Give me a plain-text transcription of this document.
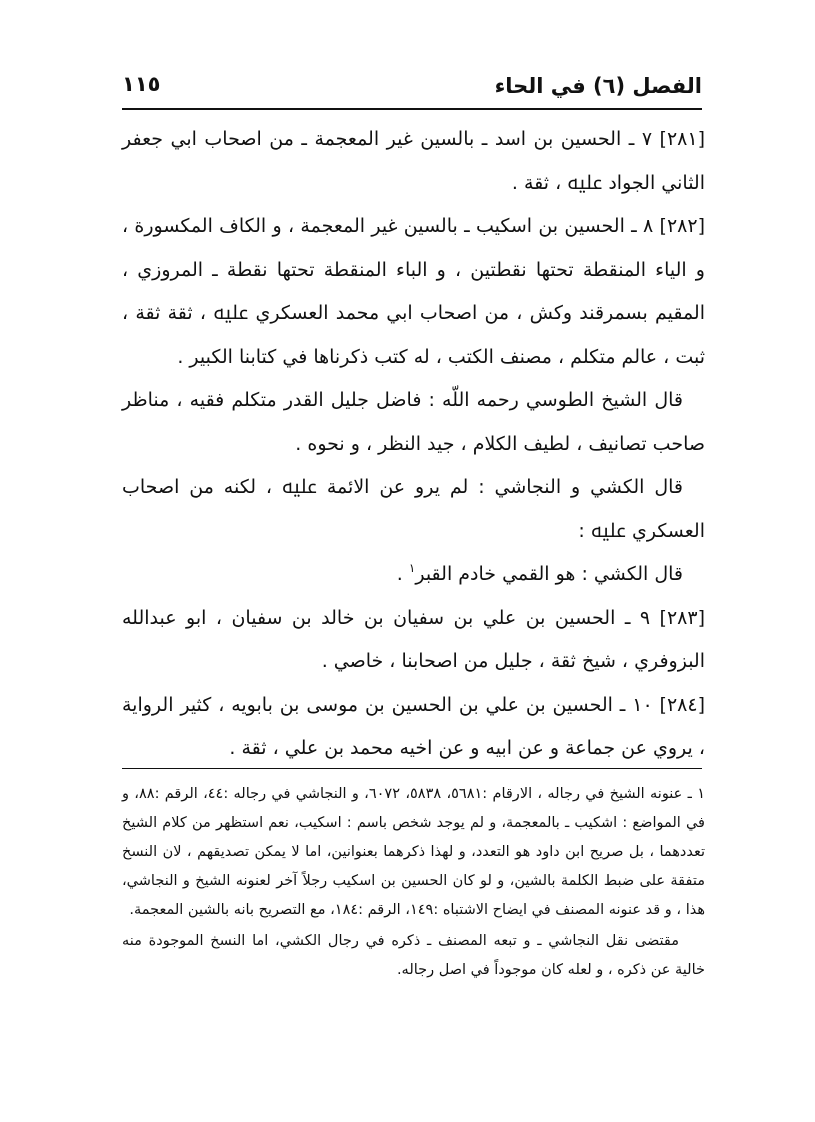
الفصل (٦) في الحاء
١١٥

[٢٨١] ٧ ـ الحسين بن اسد ـ بالسين غير المعجمة ـ من اصحاب ابي جعفر الثاني الجواد ﷷ ، ثقة .

[٢٨٢] ٨ ـ الحسين بن اسكيب ـ بالسين غير المعجمة ، و الكاف المكسورة ، و الياء المنقطة تحتها نقطتين ، و الباء المنقطة تحتها نقطة ـ المروزي ، المقيم بسمرقند وكش ، من اصحاب ابي محمد العسكري ﷷ ، ثقة ثقة ، ثبت ، عالم متكلم ، مصنف الكتب ، له كتب ذكرناها في كتابنا الكبير .

قال الشيخ الطوسي رحمه اللّه : فاضل جليل القدر متكلم فقيه ، مناظر صاحب تصانيف ، لطيف الكلام ، جيد النظر ، و نحوه .

قال الكشي و النجاشي : لم يرو عن الائمة ﷷ ، لكنه من اصحاب العسكري ﷷ :

قال الكشي : هو القمي خادم القبر$^١$ .

[٢٨٣] ٩ ـ الحسين بن علي بن سفيان بن خالد بن سفيان ، ابو عبدالله البزوفري ، شيخ ثقة ، جليل من اصحابنا ، خاصي .

[٢٨٤] ١٠ ـ الحسين بن علي بن الحسين بن موسى بن بابويه ، كثير الرواية ، يروي عن جماعة و عن ابيه و عن اخيه محمد بن علي ، ثقة .

١ ـ عنونه الشيخ في رجاله ، الارقام :٥٦٨١، ٥٨٣٨، ٦٠٧٢، و النجاشي في رجاله :٤٤، الرقم :٨٨، و في المواضع : اشكيب ـ بالمعجمة، و لم يوجد شخص باسم : اسكيب، نعم استظهر من كلام الشيخ تعددهما ، بل صريح ابن داود هو التعدد، و لهذا ذكرهما بعنوانين، اما لا يمكن تصديقهم ، لان النسخ متفقة على ضبط الكلمة بالشين، و لو كان الحسين بن اسكيب رجلاً آخر لعنونه الشيخ و النجاشي، هذا ، و قد عنونه المصنف في ايضاح الاشتباه :١٤٩، الرقم :١٨٤، مع التصريح بانه بالشين المعجمة.

مقتضى نقل النجاشي ـ و تبعه المصنف ـ ذكره في رجال الكشي، اما النسخ الموجودة منه خالية عن ذكره ، و لعله كان موجوداً في اصل رجاله.
